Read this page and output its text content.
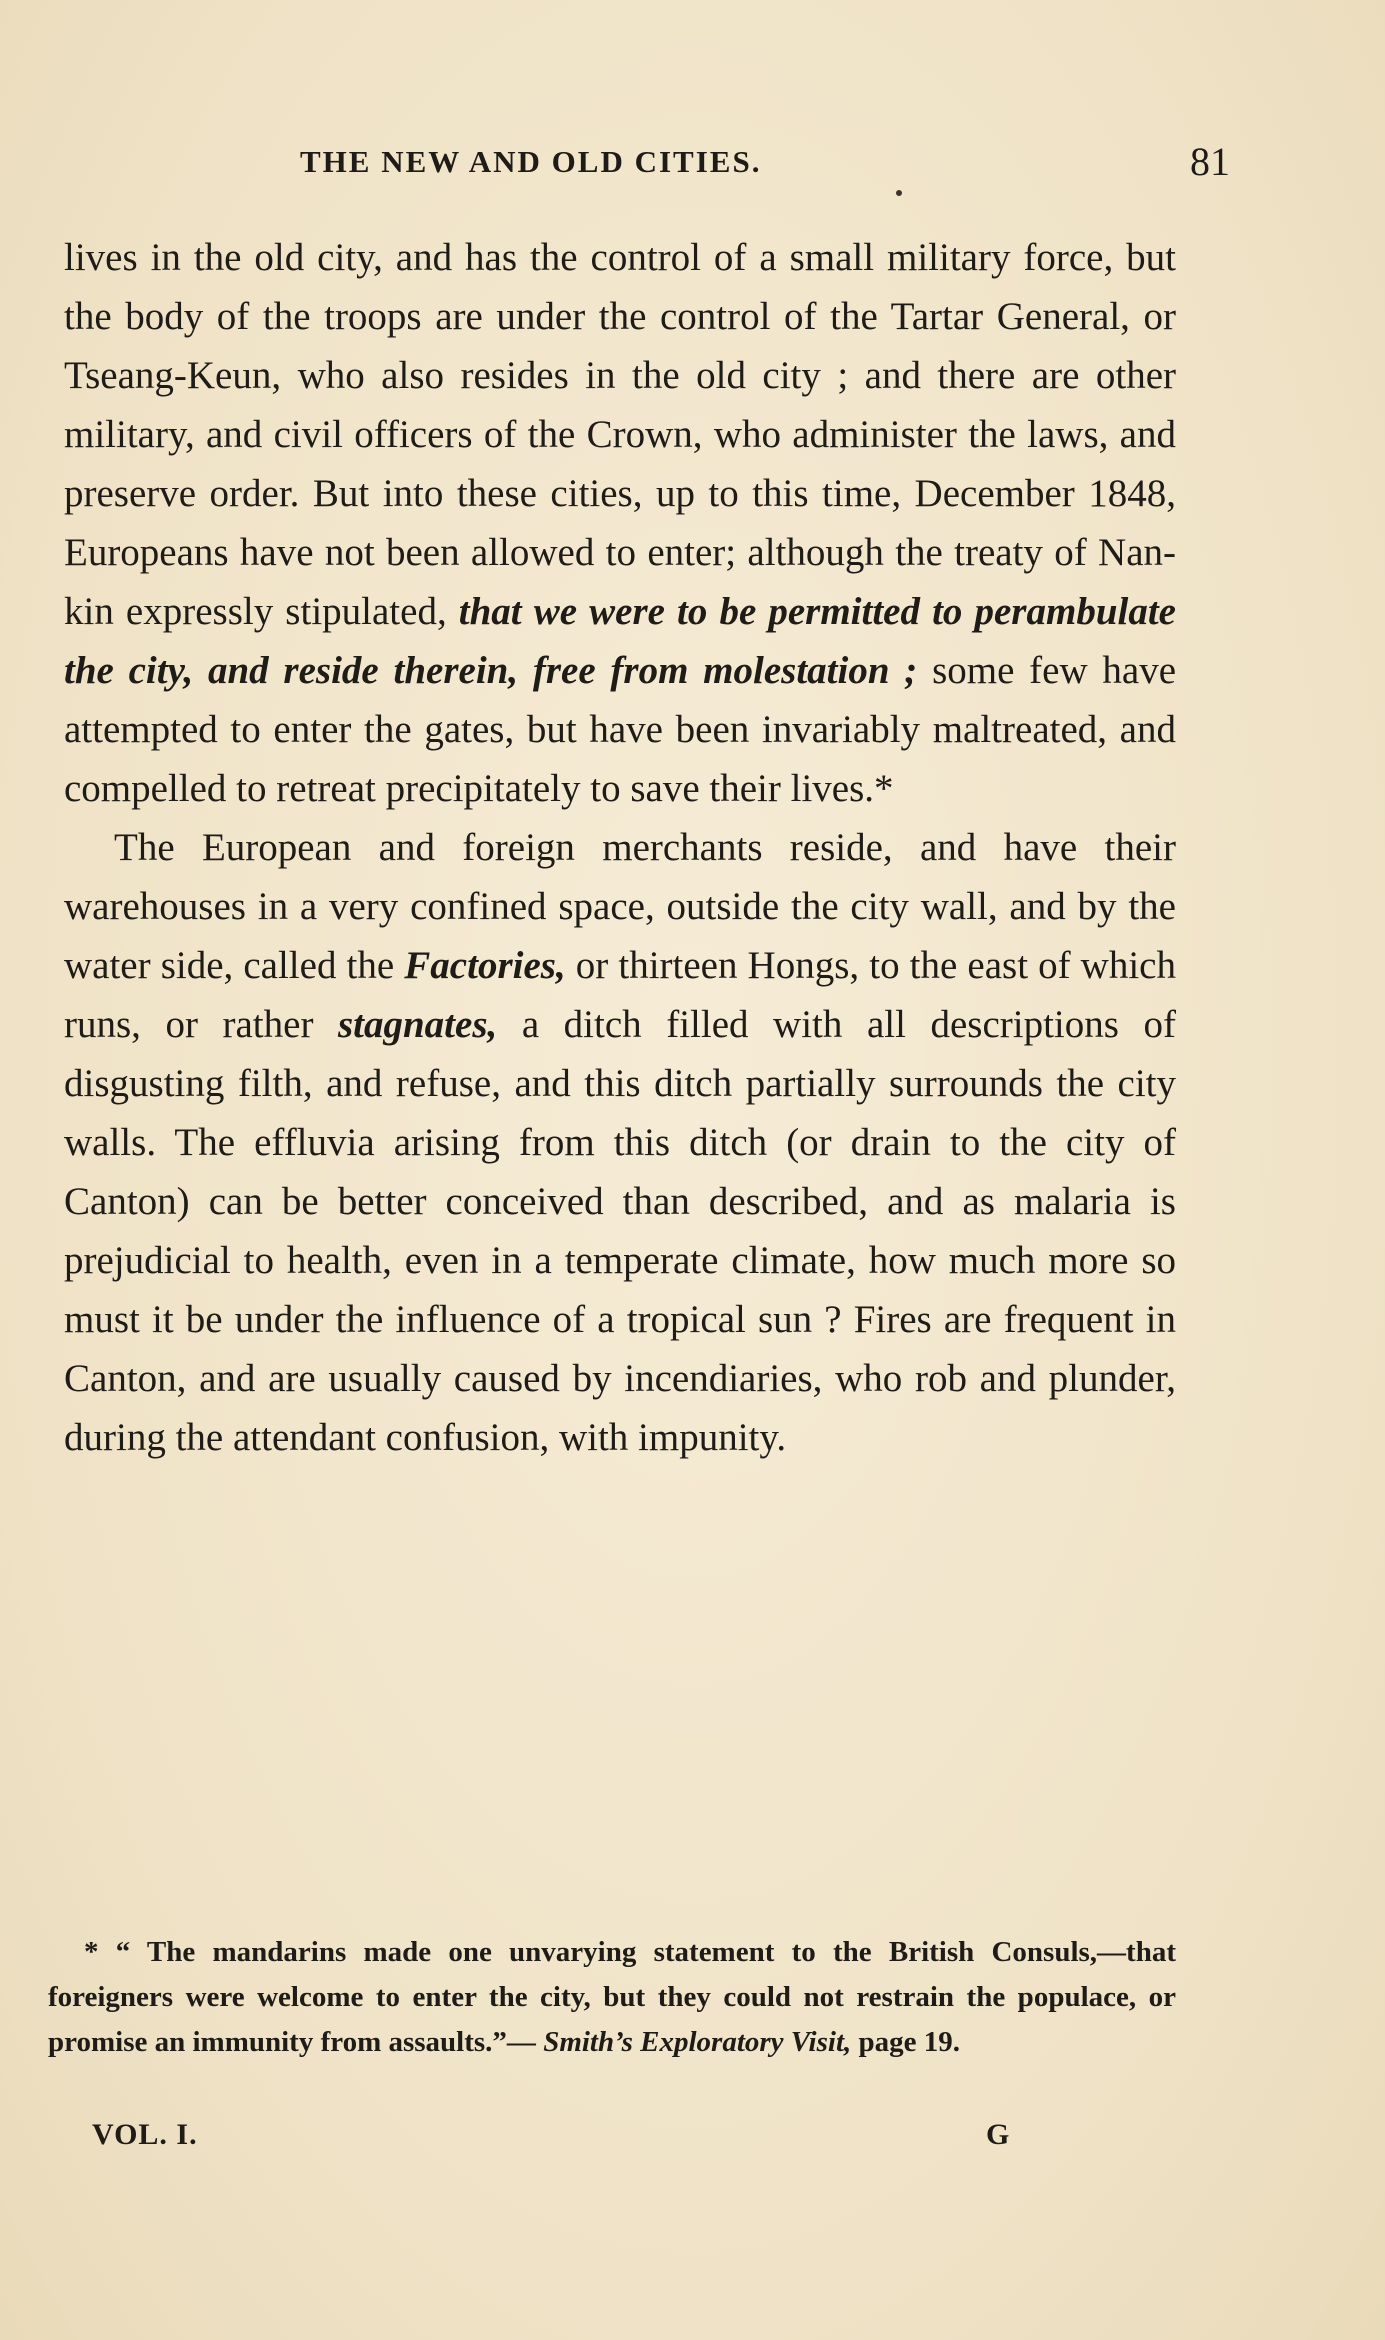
THE NEW AND OLD CITIES.	81

lives in the old city, and has the control of a small military force, but the body of the troops are under the control of the Tartar General, or Tseang-Keun, who also resides in the old city ; and there are other military, and civil officers of the Crown, who administer the laws, and preserve order. But into these cities, up to this time, December 1848, Europeans have not been allowed to enter; although the treaty of Nan-kin expressly stipulated, that we were to be permitted to perambulate the city, and reside therein, free from molestation ; some few have attempted to enter the gates, but have been invariably maltreated, and compelled to retreat precipitately to save their lives.*

The European and foreign merchants reside, and have their warehouses in a very confined space, outside the city wall, and by the water side, called the Factories, or thirteen Hongs, to the east of which runs, or rather stagnates, a ditch filled with all descriptions of disgusting filth, and refuse, and this ditch partially surrounds the city walls. The effluvia arising from this ditch (or drain to the city of Canton) can be better conceived than described, and as malaria is prejudicial to health, even in a temperate climate, how much more so must it be under the influence of a tropical sun ? Fires are frequent in Canton, and are usually caused by incendiaries, who rob and plunder, during the attendant confusion, with impunity.

* “ The mandarins made one unvarying statement to the British Consuls,—that foreigners were welcome to enter the city, but they could not restrain the populace, or promise an immunity from assaults.”— Smith’s Exploratory Visit, page 19.
VOL. I.	G
